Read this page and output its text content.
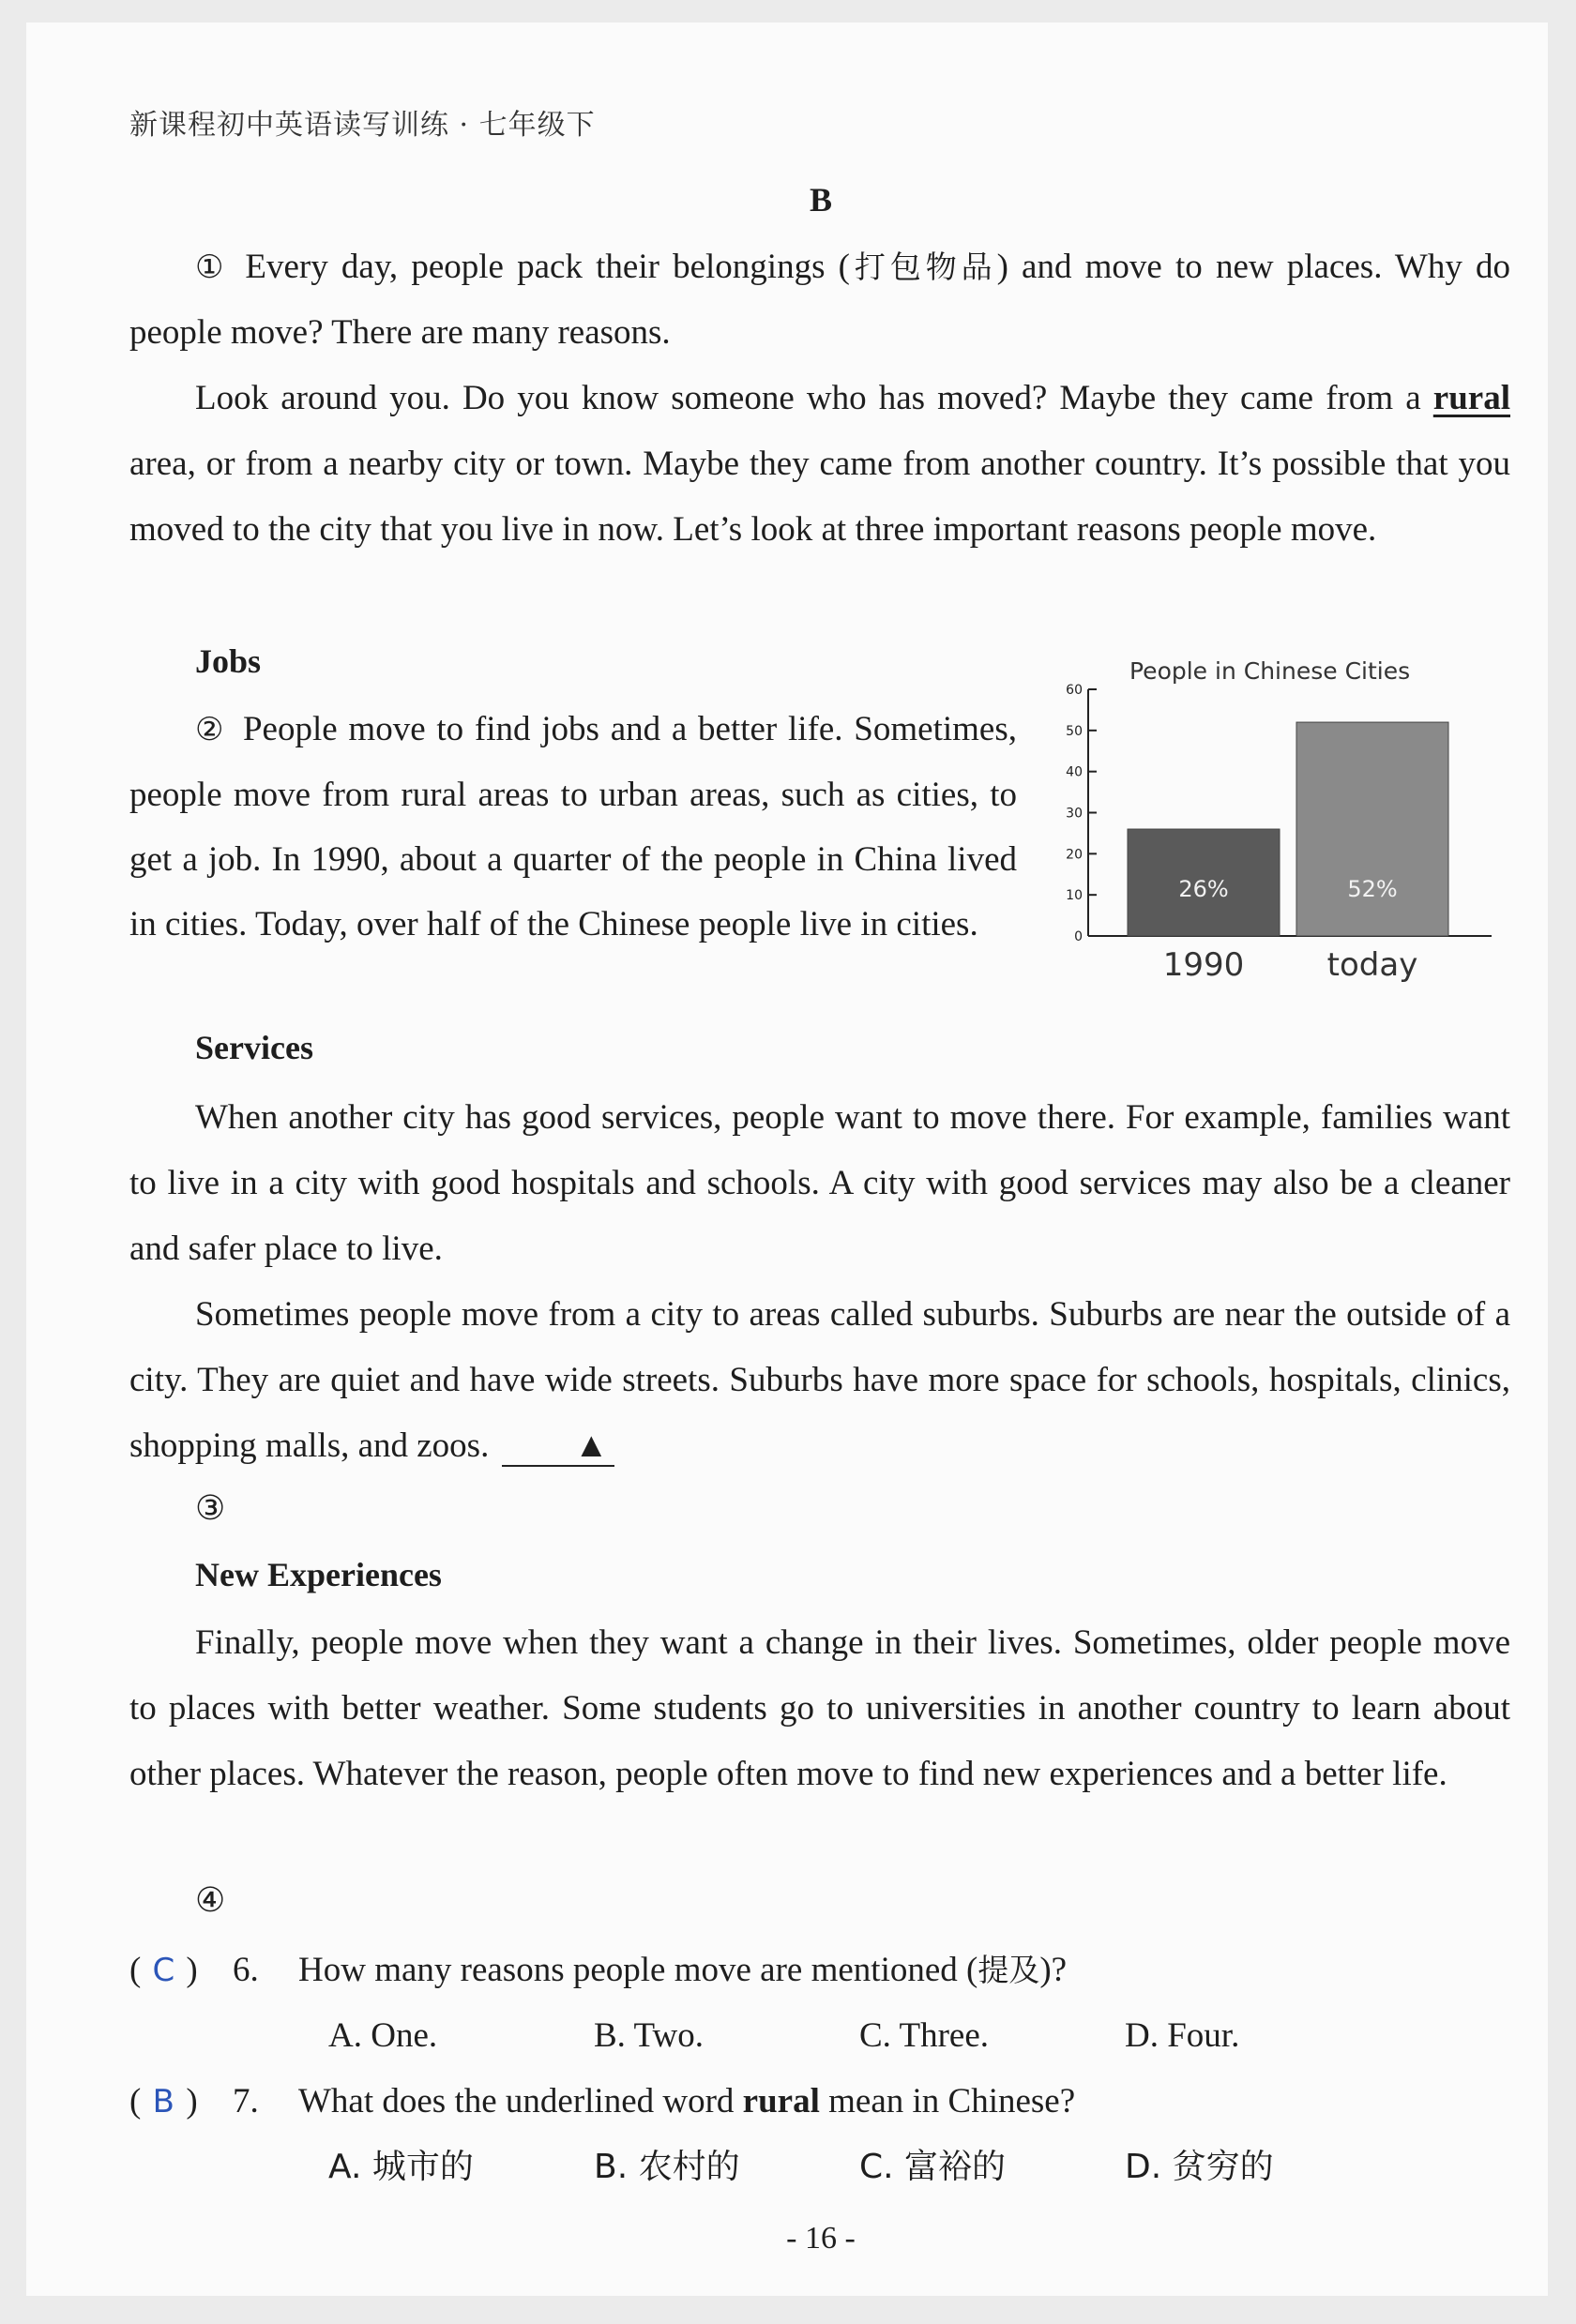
新课程初中英语读写训练 · 七年级下
B

① Every day, people pack their belongings (打包物品) and move to new places. Why do people move? There are many reasons.

Look around you. Do you know someone who has moved? Maybe they came from a rural area, or from a nearby city or town. Maybe they came from another country. It’s possible that you moved to the city that you live in now. Let’s look at three important reasons people move.

Jobs

② People move to find jobs and a better life. Sometimes, people move from rural areas to urban areas, such as cities, to get a job. In 1990, about a quarter of the people in China lived in cities. Today, over half of the Chinese people live in cities.

People in Chinese Cities
0
10
20
30
40
50
60
26%
1990
52%
today
Services

When another city has good services, people want to move there. For example, families want to live in a city with good hospitals and schools. A city with good services may also be a cleaner and safer place to live.

Sometimes people move from a city to areas called suburbs. Suburbs are near the outside of a city. They are quiet and have wide streets. Suburbs have more space for schools, hospitals, clinics, shopping malls, and zoos. ▲

③
New Experiences

Finally, people move when they want a change in their lives. Sometimes, older people move to places with better weather. Some students go to universities in another country to learn about other places. Whatever the reason, people often move to find new experiences and a better life.

④
( C ) 6. How many reasons people move are mentioned (提及)?
A. One.	B. Two.	C. Three.	D. Four.
( B ) 7. What does the underlined word rural mean in Chinese?
A. 城市的	B. 农村的	C. 富裕的	D. 贫穷的
- 16 -
